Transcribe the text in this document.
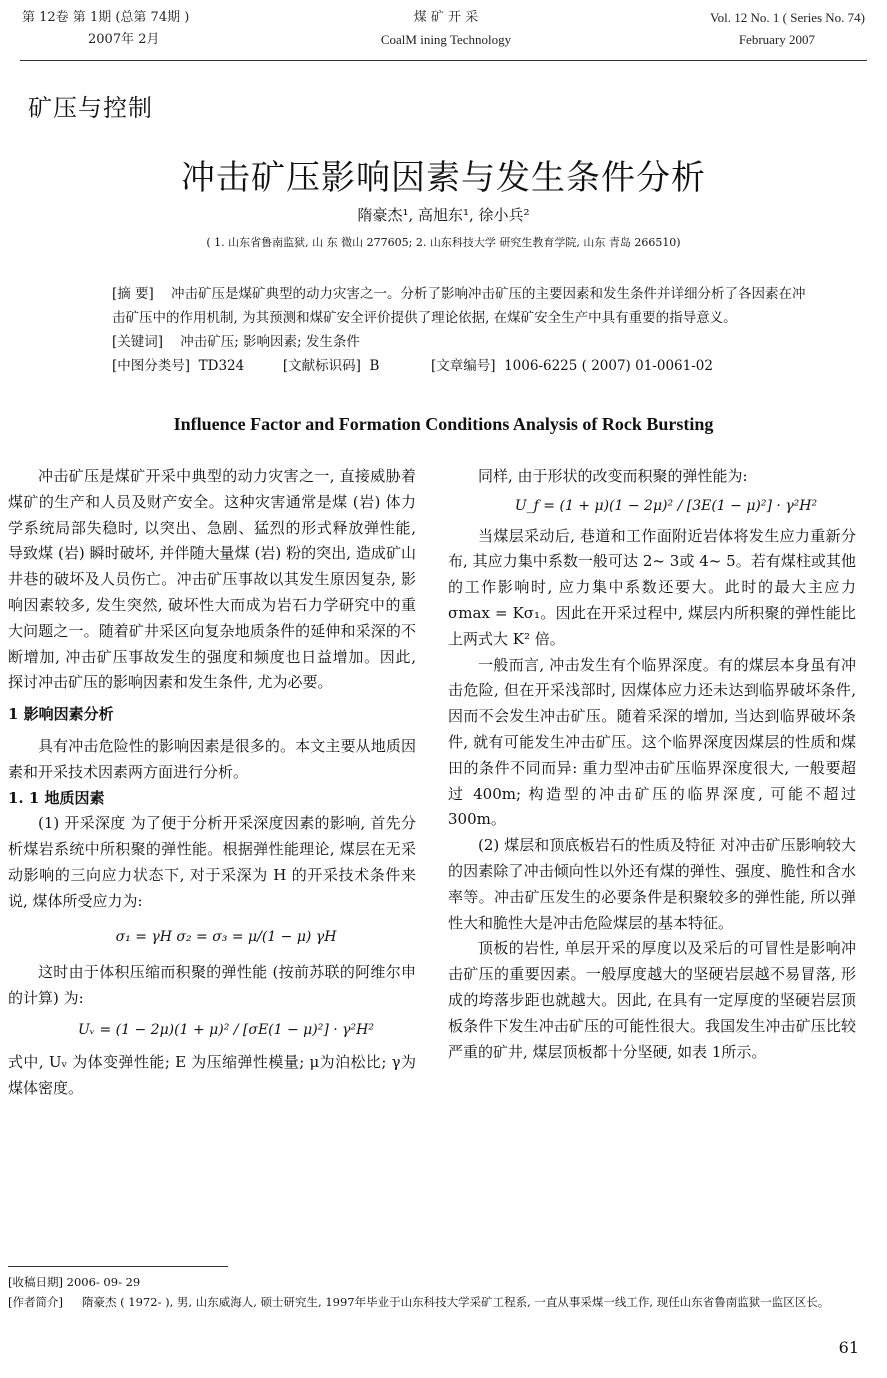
第 12卷 第 1期 (总第 74期 )
2007年 2月
煤 矿 开 采
CoalM ining Technology
Vol. 12 No. 1 ( Series No. 74)
February 2007
矿压与控制
冲击矿压影响因素与发生条件分析
隋豪杰¹, 高旭东¹, 徐小兵²
( 1. 山东省鲁南监狱, 山 东 微山 277605; 2. 山东科技大学 研究生教育学院, 山东 青岛 266510)

[摘 要] 冲击矿压是煤矿典型的动力灾害之一。分析了影响冲击矿压的主要因素和发生条件并详细分析了各因素在冲击矿压中的作用机制, 为其预测和煤矿安全评价提供了理论依据, 在煤矿安全生产中具有重要的指导意义。

[关键词] 冲击矿压; 影响因素; 发生条件

[中图分类号] TD324	[文献标识码] B	[文章编号] 1006-6225 ( 2007) 01-0061-02

Influence Factor and Formation Conditions Analysis of Rock Bursting

冲击矿压是煤矿开采中典型的动力灾害之一, 直接威胁着煤矿的生产和人员及财产安全。这种灾害通常是煤 (岩) 体力学系统局部失稳时, 以突出、急剧、猛烈的形式释放弹性能, 导致煤 (岩) 瞬时破坏, 并伴随大量煤 (岩) 粉的突出, 造成矿山井巷的破坏及人员伤亡。冲击矿压事故以其发生原因复杂, 影响因素较多, 发生突然, 破坏性大而成为岩石力学研究中的重大问题之一。随着矿井采区向复杂地质条件的延伸和采深的不断增加, 冲击矿压事故发生的强度和频度也日益增加。因此, 探讨冲击矿压的影响因素和发生条件, 尤为必要。

1 影响因素分析

具有冲击危险性的影响因素是很多的。本文主要从地质因素和开采技术因素两方面进行分析。

1. 1 地质因素

(1) 开采深度 为了便于分析开采深度因素的影响, 首先分析煤岩系统中所积聚的弹性能。根据弹性能理论, 煤层在无采动影响的三向应力状态下, 对于采深为 H 的开采技术条件来说, 煤体所受应力为:

σ₁ = γH σ₂ = σ₃ = μ/(1 − μ) γH

这时由于体积压缩而积聚的弹性能 (按前苏联的阿维尔申的计算) 为:

Uᵥ = (1 − 2μ)(1 + μ)² / [σE(1 − μ)²] · γ²H²

式中, Uᵥ 为体变弹性能; E 为压缩弹性模量; μ为泊松比; γ为煤体密度。

同样, 由于形状的改变而积聚的弹性能为:

U_f = (1 + μ)(1 − 2μ)² / [3E(1 − μ)²] · γ²H²

当煤层采动后, 巷道和工作面附近岩体将发生应力重新分布, 其应力集中系数一般可达 2~ 3或 4~ 5。若有煤柱或其他的工作影响时, 应力集中系数还要大。此时的最大主应力 σmax = Kσ₁。因此在开采过程中, 煤层内所积聚的弹性能比上两式大 K² 倍。

一般而言, 冲击发生有个临界深度。有的煤层本身虽有冲击危险, 但在开采浅部时, 因煤体应力还未达到临界破坏条件, 因而不会发生冲击矿压。随着采深的增加, 当达到临界破坏条件, 就有可能发生冲击矿压。这个临界深度因煤层的性质和煤田的条件不同而异: 重力型冲击矿压临界深度很大, 一般要超过 400m; 构造型的冲击矿压的临界深度, 可能不超过 300m。

(2) 煤层和顶底板岩石的性质及特征 对冲击矿压影响较大的因素除了冲击倾向性以外还有煤的弹性、强度、脆性和含水率等。冲击矿压发生的必要条件是积聚较多的弹性能, 所以弹性大和脆性大是冲击危险煤层的基本特征。

顶板的岩性, 单层开采的厚度以及采后的可冒性是影响冲击矿压的重要因素。一般厚度越大的坚硬岩层越不易冒落, 形成的垮落步距也就越大。因此, 在具有一定厚度的坚硬岩层顶板条件下发生冲击矿压的可能性很大。我国发生冲击矿压比较严重的矿井, 煤层顶板都十分坚硬, 如表 1所示。

[收稿日期] 2006- 09- 29
[作者简介]	隋豪杰 ( 1972- ), 男, 山东威海人, 硕士研究生, 1997年毕业于山东科技大学采矿工程系, 一直从事采煤一线工作, 现任山东省鲁南监狱一监区区长。
61
